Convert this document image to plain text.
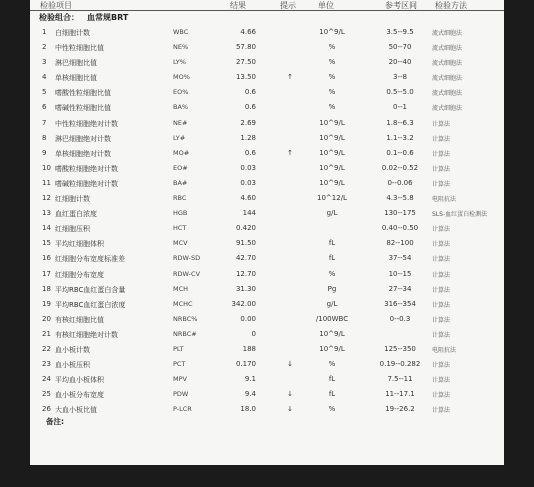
检验项目	结果	提示	单位	参考区间 检验方法
检验组合： 血常规BRT
1	白细胞计数	WBC	4.66	10^9/L	3.5--9.5	流式细胞法
2	中性粒细胞比值	NE%	57.80	%	50--70	流式细胞法
3	淋巴细胞比值	LY%	27.50	%	20--40	流式细胞法
4	单核细胞比值	MO%	13.50	↑	%	3--8	流式细胞法
5	嗜酸性粒细胞比值	EO%	0.6	%	0.5--5.0	流式细胞法
6	嗜碱性粒细胞比值	BA%	0.6	%	0--1	流式细胞法
7	中性粒细胞绝对计数	NE#	2.69	10^9/L	1.8--6.3	计算法
8	淋巴细胞绝对计数	LY#	1.28	10^9/L	1.1--3.2	计算法
9	单核细胞绝对计数	MO#	0.6	↑	10^9/L	0.1--0.6	计算法
10 嗜酸粒细胞绝对计数	EO#	0.03	10^9/L	0.02--0.52	计算法
11 嗜碱粒细胞绝对计数	BA#	0.03	10^9/L	0--0.06	计算法
12 红细胞计数	RBC	4.60	10^12/L	4.3--5.8	电阻抗法
13 血红蛋白浓度	HGB	144	g/L	130--175	SLS-血红蛋白检测法
14 红细胞压积	HCT	0.420	0.40--0.50	计算法
15 平均红细胞体积	MCV	91.50	fL	82--100	计算法
16 红细胞分布宽度标准差	RDW-SD	42.70	fL	37--54	计算法
17 红细胞分布宽度	RDW-CV	12.70	%	10--15	计算法
18 平均RBC血红蛋白含量	MCH	31.30	Pg	27--34	计算法
19 平均RBC血红蛋白浓度	MCHC	342.00	g/L	316--354	计算法
20 有核红细胞比值	NRBC%	0.00	/100WBC	0--0.3	计算法
21 有核红细胞绝对计数	NRBC#	0	10^9/L	计算法
22 血小板计数	PLT	188	10^9/L	125--350	电阻抗法
23 血小板压积	PCT	0.170	↓	%	0.19--0.282	计算法
24 平均血小板体积	MPV	9.1	fL	7.5--11	计算法
25 血小板分布宽度	PDW	9.4	↓	fL	11--17.1	计算法
26 大血小板比值	P-LCR	18.0	↓	%	19--26.2	计算法
备注:
